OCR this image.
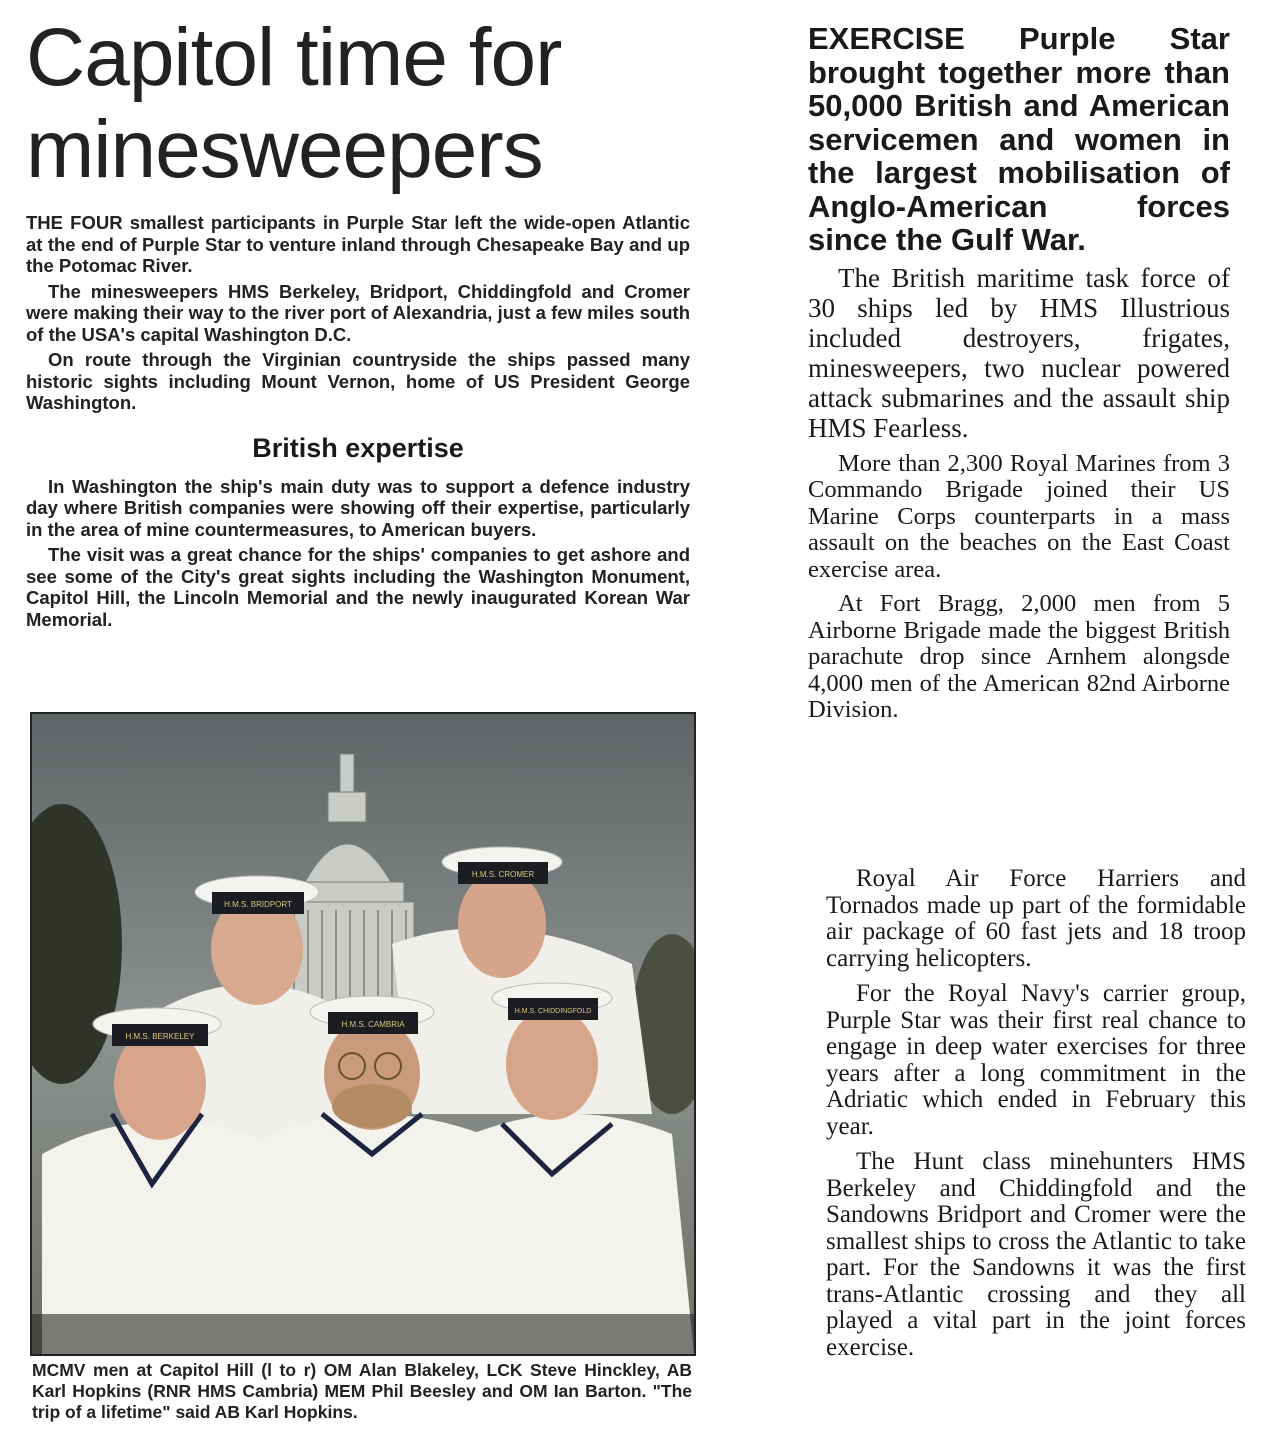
Capitol time for
minesweepers

THE FOUR smallest participants in Purple Star left the wide-open Atlantic at the end of Purple Star to venture inland through Chesapeake Bay and up the Potomac River.

The minesweepers HMS Berkeley, Bridport, Chiddingfold and Cromer were making their way to the river port of Alexandria, just a few miles south of the USA's capital Washington D.C.

On route through the Virginian countryside the ships passed many historic sights including Mount Vernon, home of US President George Washington.

British expertise

In Washington the ship's main duty was to support a defence industry day where British companies were showing off their expertise, particularly in the area of mine countermeasures, to American buyers.

The visit was a great chance for the ships' companies to get ashore and see some of the City's great sights including the Washington Monument, Capitol Hill, the Lincoln Memorial and the newly inaugurated Korean War Memorial.

H.M.S. BRIDPORT
H.M.S. CROMER
H.M.S. BERKELEY
H.M.S. CAMBRIA
H.M.S. CHIDDINGFOLD

MCMV men at Capitol Hill (l to r) OM Alan Blakeley, LCK Steve Hinckley, AB Karl Hopkins (RNR HMS Cambria) MEM Phil Beesley and OM Ian Barton. "The trip of a lifetime" said AB Karl Hopkins.

EXERCISE Purple Star brought together more than 50,000 British and American servicemen and women in the largest mobilisation of Anglo-American forces since the Gulf War.

The British maritime task force of 30 ships led by HMS Illustrious included destroyers, frigates, minesweepers, two nuclear powered attack submarines and the assault ship HMS Fearless.

More than 2,300 Royal Marines from 3 Commando Brigade joined their US Marine Corps counterparts in a mass assault on the beaches on the East Coast exercise area.

At Fort Bragg, 2,000 men from 5 Airborne Brigade made the biggest British parachute drop since Arnhem alongsde 4,000 men of the American 82nd Airborne Division.

Royal Air Force Harriers and Tornados made up part of the formidable air package of 60 fast jets and 18 troop carrying helicopters.

For the Royal Navy's carrier group, Purple Star was their first real chance to engage in deep water exercises for three years after a long commitment in the Adriatic which ended in February this year.

The Hunt class minehunters HMS Berkeley and Chiddingfold and the Sandowns Bridport and Cromer were the smallest ships to cross the Atlantic to take part. For the Sandowns it was the first trans-Atlantic crossing and they all played a vital part in the joint forces exercise.
